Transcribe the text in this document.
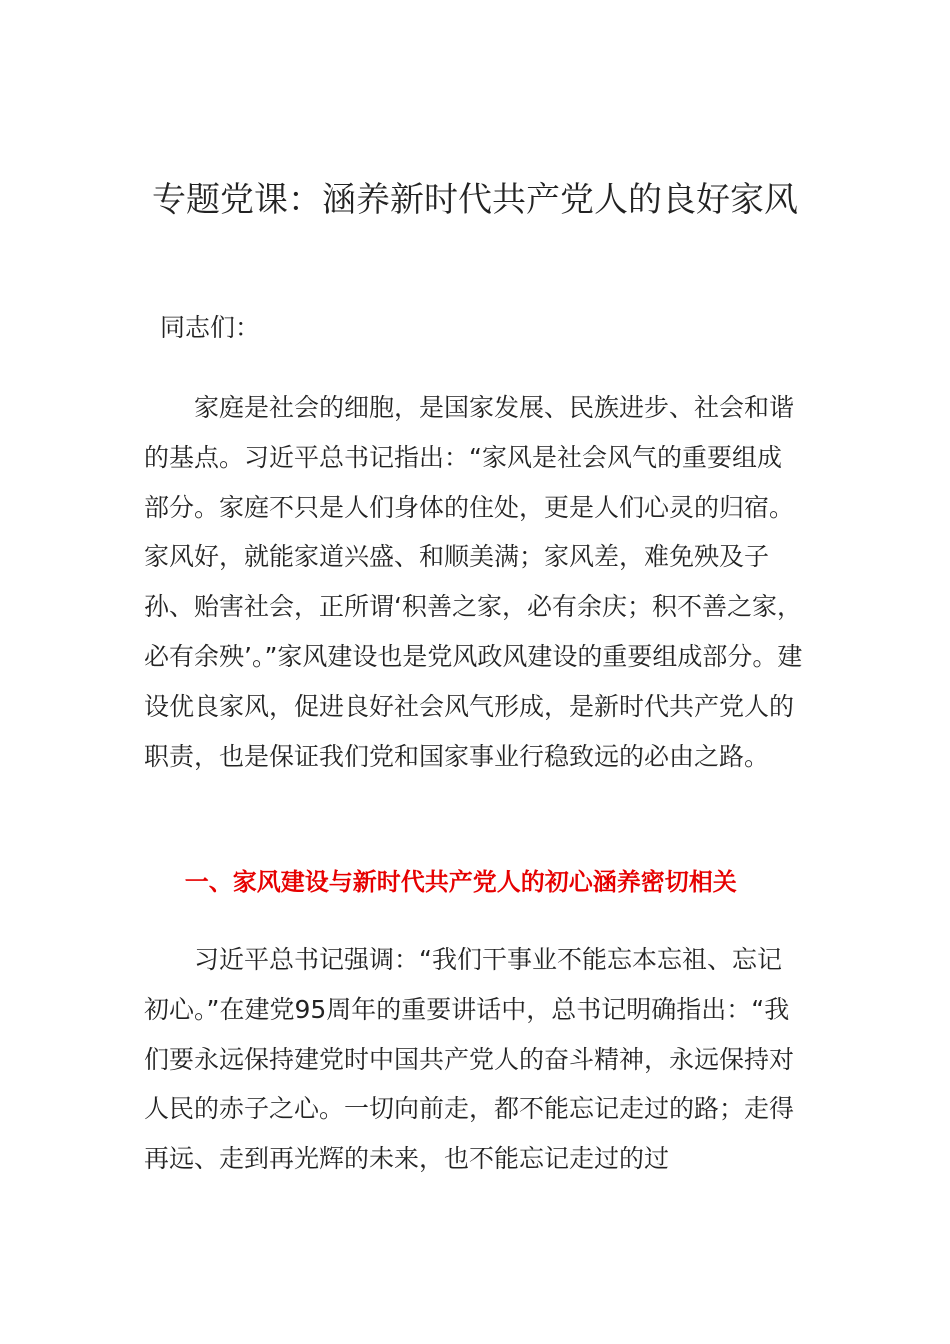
专题党课：涵养新时代共产党人的良好家风

同志们：

家庭是社会的细胞，是国家发展、民族进步、社会和谐的基点。习近平总书记指出：“家风是社会风气的重要组成部分。家庭不只是人们身体的住处，更是人们心灵的归宿。家风好，就能家道兴盛、和顺美满；家风差，难免殃及子孙、贻害社会，正所谓‘积善之家，必有余庆；积不善之家，必有余殃’。”家风建设也是党风政风建设的重要组成部分。建设优良家风，促进良好社会风气形成，是新时代共产党人的职责，也是保证我们党和国家事业行稳致远的必由之路。

一、家风建设与新时代共产党人的初心涵养密切相关

习近平总书记强调：“我们干事业不能忘本忘祖、忘记初心。”在建党95周年的重要讲话中，总书记明确指出：“我们要永远保持建党时中国共产党人的奋斗精神，永远保持对人民的赤子之心。一切向前走，都不能忘记走过的路；走得再远、走到再光辉的未来，也不能忘记走过的过
